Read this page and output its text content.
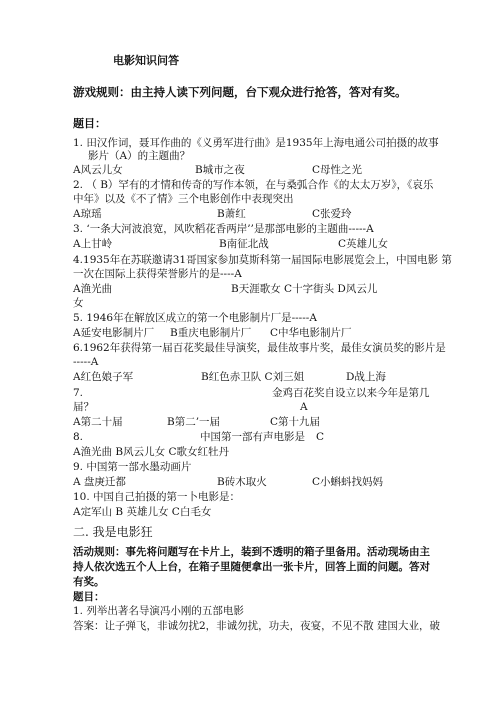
电影知识问答
游戏规则：由主持人读下列问题，台下观众进行抢答，答对有奖。
题目：
1. 田汉作词，聂耳作曲的《义勇军进行曲》是1935年上海电通公司拍摄的故事
影片（A）的主题曲？
A风云儿女	B城市之夜	C母性之光
2. （ B）罕有的才情和传奇的写作本领，在与桑弧合作《的太太万岁》，《哀乐
中年》以及《不了情》三个电影创作中表现突出
A琼瑶	B萧红	C张爱玲
3. ‘一条大河波浪宽，风吹稻花香两岸’’是那部电影的主题曲-----A
A上甘岭	B南征北战	C英雄儿女
4.1935年在苏联邀请31哥国家参加莫斯科第一届国际电影展览会上，中国电影 第
一次在国际上获得荣誉影片的是----A
A渔光曲	B天涯歌女 C十字街头 D风云儿
女
5. 1946年在解放区成立的第一个电影制片厂是-----A
A延安电影制片厂 B重庆电影制片厂 C中华电影制片厂
6.1962年获得第一届百花奖最佳导演奖，最佳故事片奖，最佳女演员奖的影片是
-----A
A红色娘子军	B红色赤卫队 C刘三姐	D战上海
7.	金鸡百花奖自设立以来今年是第几
届？	A
A第二十届	B第二’一届	C第十九届
8.	中国第一部有声电影是 C
A渔光曲 B风云儿女 C歌女红牡丹
9. 中国第一部水墨动画片
A 盘庚迁都	B砖木取火	C小蝌蚪找妈妈
10. 中国自己拍摄的第一卜电影是：
A定军山 B 英雄儿女 C白毛女
二. 我是电影狂
活动规则：事先将问题写在卡片上，装到不透明的箱子里备用。活动现场由主
持人依次选五个人上台，在箱子里随便拿出一张卡片，回答上面的问题。答对
有奖。
题目：
1. 列举出著名导演冯小刚的五部电影
答案：让子弹飞，非诚勿扰2，非诚勿扰，功夫，夜宴，不见不散 建国大业，破
